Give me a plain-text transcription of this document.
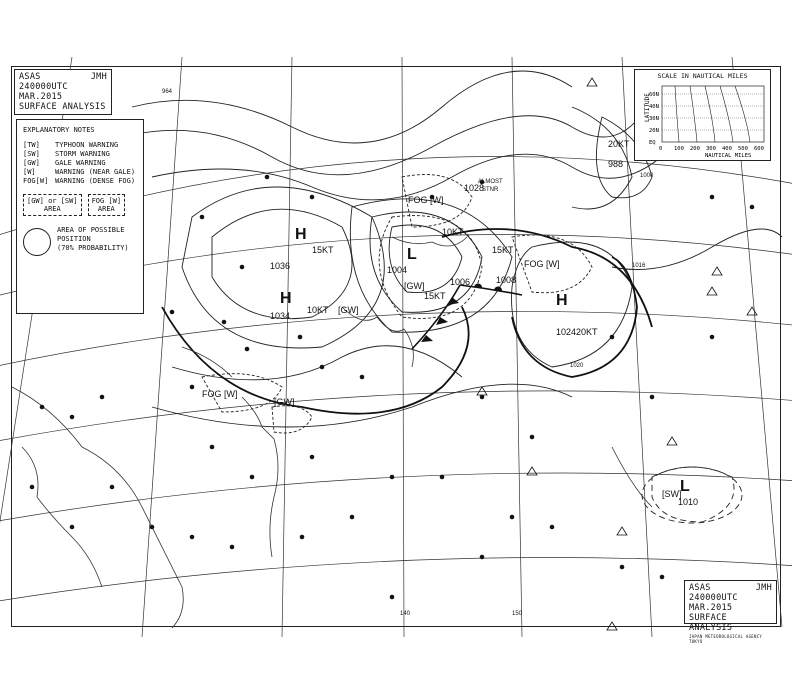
H
1036
H
1034
H
1024
1028
L
1004
1006	1008
L
1010
988
15KT	15KT
15KT
10KT
10KT
20KT
20KT
FOG [W]
FOG [W]
FOG [W]
[GW]
[GW]
[GW]
[SW]
ALMOST
STNR
1020
1016
1000
964
140	150
ASAS	JMH
240000UTC MAR.2015
SURFACE ANALYSIS
EXPLANATORY NOTES
[TW]	TYPHOON WARNING
[SW]	STORM WARNING
[GW]	GALE WARNING
[W]	WARNING (NEAR GALE)
FOG[W] WARNING (DENSE FOG)
[GW] or [SW]
AREA
FOG [W]
AREA
AREA OF POSSIBLE POSITION
(70% PROBABILITY)
SCALE IN NAUTICAL MILES
LATITUDE
60N
40N
30N
20N
EQ
0 100 200 300 400 500 600
NAUTICAL MILES
ASAS	JMH
240000UTC MAR.2015
SURFACE ANALYSIS
JAPAN METEOROLOGICAL AGENCY TOKYO
